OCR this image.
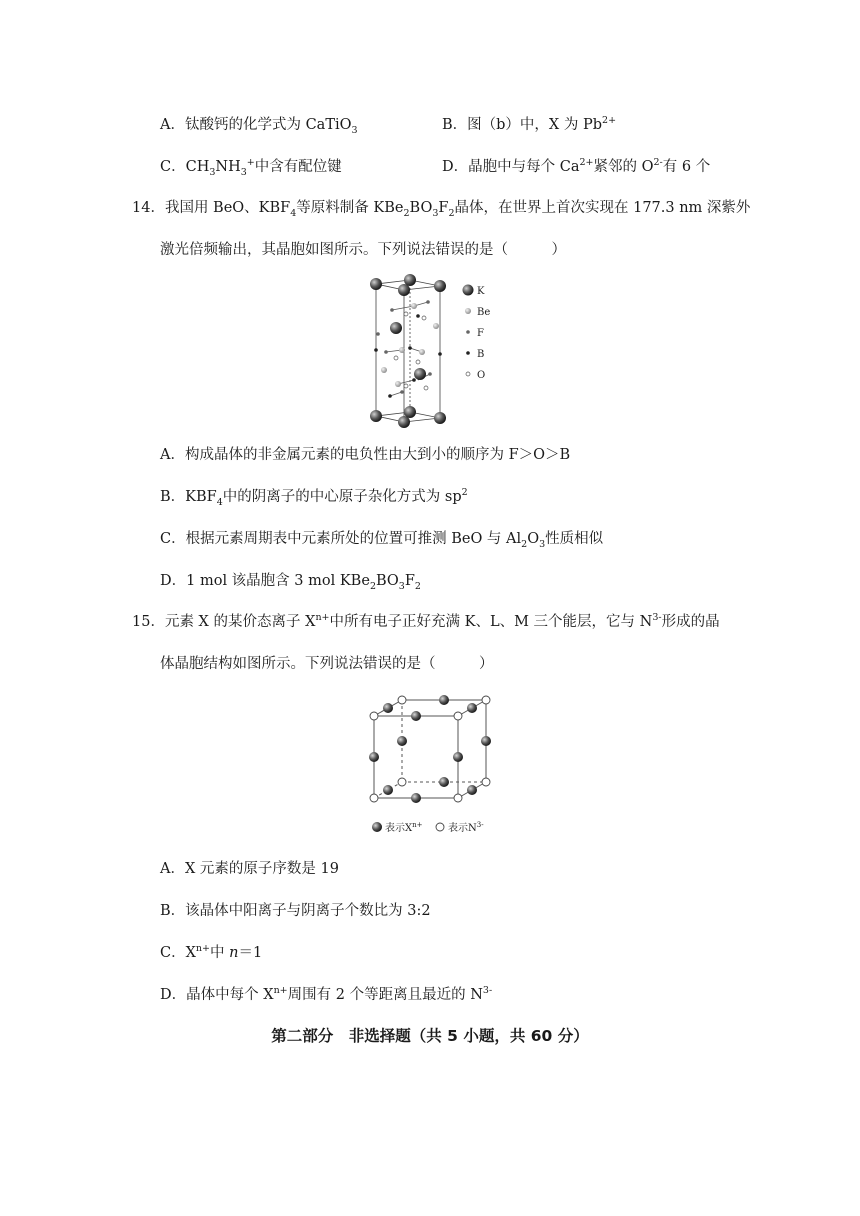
A．钛酸钙的化学式为 CaTiO$_3$	B．图（b）中，X 为 $Pb^{2+}$
C．$CH_3NH_3^+$中含有配位键	D．晶胞中与每个 $Ca^{2+}$紧邻的 $O^{2-}$有 6 个
14．我国用 BeO、$KBF_4$等原料制备 $KBe_2BO_3F_2$晶体，在世界上首次实现在 177.3 nm 深紫外
激光倍频输出，其晶胞如图所示。下列说法错误的是（　　　）
K
Be
F
B
O
A．构成晶体的非金属元素的电负性由大到小的顺序为 F＞O＞B
B．$KBF_4$中的阴离子的中心原子杂化方式为 $sp^2$
C．根据元素周期表中元素所处的位置可推测 BeO 与 $Al_2O_3$性质相似
D．1 mol 该晶胞含 3 mol $KBe_2BO_3F_2$
15．元素 X 的某价态离子 $X^{n+}$中所有电子正好充满 K、L、M 三个能层，它与 $N^{3-}$形成的晶
体晶胞结构如图所示。下列说法错误的是（　　　）
表示$X^{n+}$	表示$N^{3-}$
A．X 元素的原子序数是 19
B．该晶体中阳离子与阴离子个数比为 3:2
C．$X^{n+}$中 n＝1
D．晶体中每个 $X^{n+}$周围有 2 个等距离且最近的 $N^{3-}$
第二部分　非选择题（共 5 小题，共 60 分）
